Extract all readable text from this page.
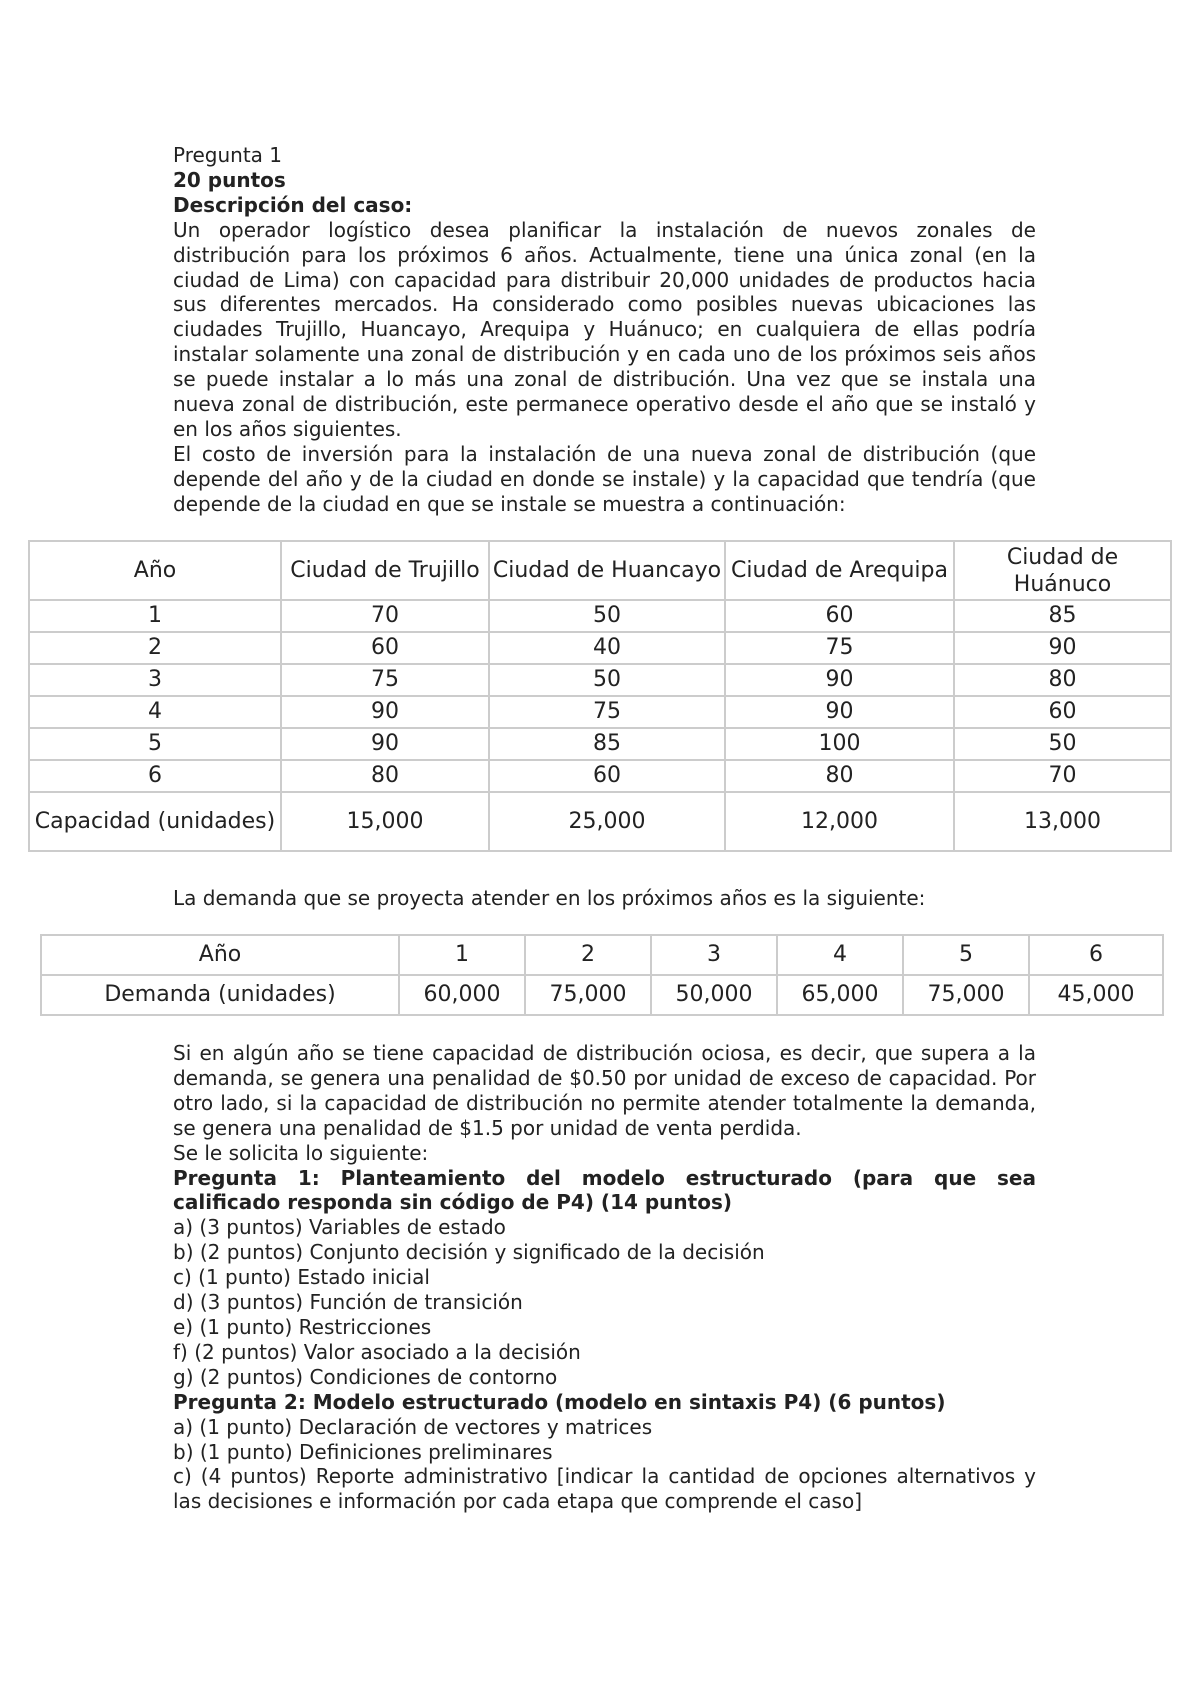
Pregunta 1

20 puntos

Descripción del caso:

Un operador logístico desea planificar la instalación de nuevos zonales de distribución para los próximos 6 años. Actualmente, tiene una única zonal (en la ciudad de Lima) con capacidad para distribuir 20,000 unidades de productos hacia sus diferentes mercados. Ha considerado como posibles nuevas ubicaciones las ciudades Trujillo, Huancayo, Arequipa y Huánuco; en cualquiera de ellas podría instalar solamente una zonal de distribución y en cada uno de los próximos seis años se puede instalar a lo más una zonal de distribución. Una vez que se instala una nueva zonal de distribución, este permanece operativo desde el año que se instaló y en los años siguientes.

El costo de inversión para la instalación de una nueva zonal de distribución (que depende del año y de la ciudad en donde se instale) y la capacidad que tendría (que depende de la ciudad en que se instale se muestra a continuación:

Año	Ciudad de Trujillo	Ciudad de Huancayo	Ciudad de Arequipa	Ciudad de Huánuco
1	70	50	60	85
2	60	40	75	90
3	75	50	90	80
4	90	75	90	60
5	90	85	100	50
6	80	60	80	70
Capacidad (unidades)	15,000	25,000	12,000	13,000

La demanda que se proyecta atender en los próximos años es la siguiente:

Año	1	2	3	4	5	6
Demanda (unidades)	60,000	75,000	50,000	65,000	75,000	45,000

Si en algún año se tiene capacidad de distribución ociosa, es decir, que supera a la demanda, se genera una penalidad de $0.50 por unidad de exceso de capacidad. Por otro lado, si la capacidad de distribución no permite atender totalmente la demanda, se genera una penalidad de $1.5 por unidad de venta perdida.

Se le solicita lo siguiente:

Pregunta 1: Planteamiento del modelo estructurado (para que sea calificado responda sin código de P4) (14 puntos)

a) (3 puntos) Variables de estado

b) (2 puntos) Conjunto decisión y significado de la decisión

c) (1 punto) Estado inicial

d) (3 puntos) Función de transición

e) (1 punto) Restricciones

f) (2 puntos) Valor asociado a la decisión

g) (2 puntos) Condiciones de contorno

Pregunta 2: Modelo estructurado (modelo en sintaxis P4) (6 puntos)

a) (1 punto) Declaración de vectores y matrices

b) (1 punto) Definiciones preliminares

c) (4 puntos) Reporte administrativo [indicar la cantidad de opciones alternativos y las decisiones e información por cada etapa que comprende el caso]
